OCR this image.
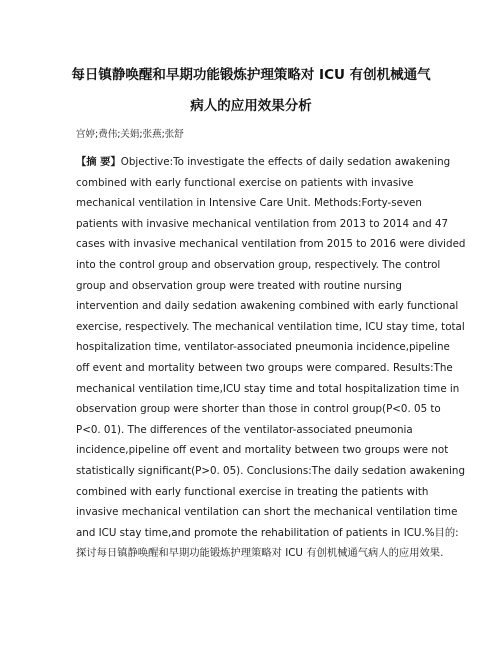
每日镇静唤醒和早期功能锻炼护理策略对 ICU 有创机械通气
病人的应用效果分析
宫婷;费伟;关娟;张燕;张舒
【摘 要】Objective:To investigate the effects of daily sedation awakening
combined with early functional exercise on patients with invasive
mechanical ventilation in Intensive Care Unit. Methods:Forty-seven
patients with invasive mechanical ventilation from 2013 to 2014 and 47
cases with invasive mechanical ventilation from 2015 to 2016 were divided
into the control group and observation group, respectively. The control
group and observation group were treated with routine nursing
intervention and daily sedation awakening combined with early functional
exercise, respectively. The mechanical ventilation time, ICU stay time, total
hospitalization time, ventilator-associated pneumonia incidence,pipeline
off event and mortality between two groups were compared. Results:The
mechanical ventilation time,ICU stay time and total hospitalization time in
observation group were shorter than those in control group(P<0. 05 to
P<0. 01). The differences of the ventilator-associated pneumonia
incidence,pipeline off event and mortality between two groups were not
statistically significant(P>0. 05). Conclusions:The daily sedation awakening
combined with early functional exercise in treating the patients with
invasive mechanical ventilation can short the mechanical ventilation time
and ICU stay time,and promote the rehabilitation of patients in ICU.%目的:
探讨每日镇静唤醒和早期功能锻炼护理策略对 ICU 有创机械通气病人的应用效果.
